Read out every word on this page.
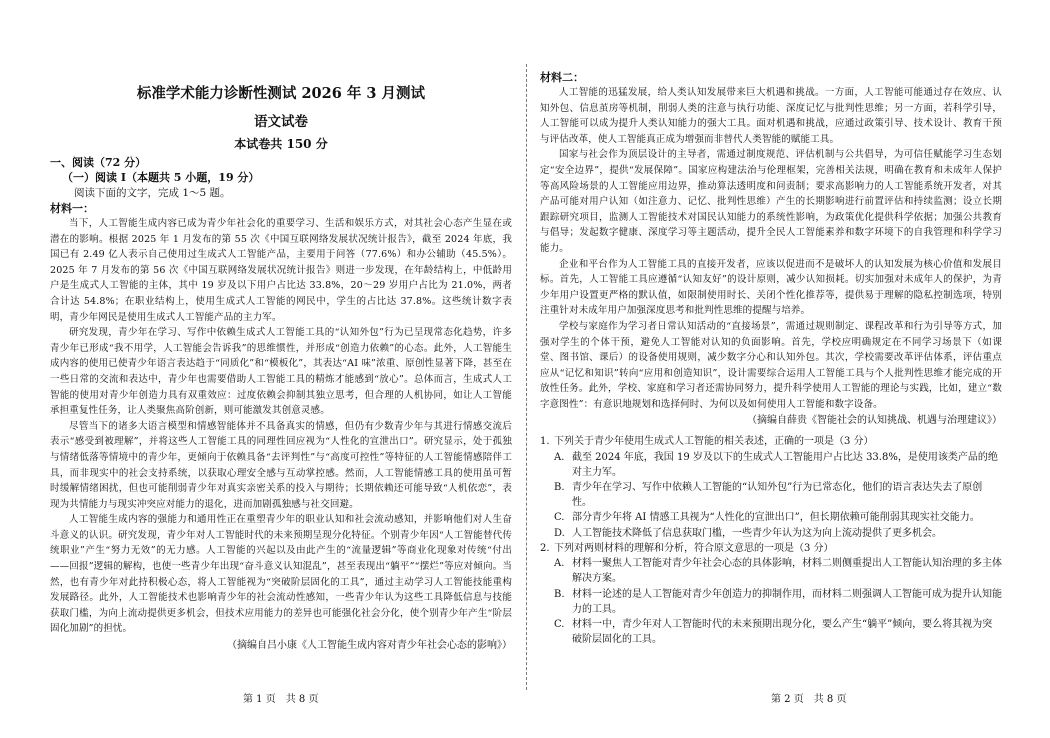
标准学术能力诊断性测试 2026 年 3 月测试
语文试卷
本试卷共 150 分
一、阅读（72 分）
（一）阅读 Ⅰ（本题共 5 小题，19 分）
阅读下面的文字，完成 1～5 题。
材料一：

当下，人工智能生成内容已成为青少年社会化的重要学习、生活和娱乐方式，对其社会心态产生显在或潜在的影响。根据 2025 年 1 月发布的第 55 次《中国互联网络发展状况统计报告》，截至 2024 年底，我国已有 2.49 亿人表示自己使用过生成式人工智能产品，主要用于问答（77.6%）和办公辅助（45.5%）。2025 年 7 月发布的第 56 次《中国互联网络发展状况统计报告》则进一步发现，在年龄结构上，中低龄用户是生成式人工智能的主体，其中 19 岁及以下用户占比达 33.8%，20～29 岁用户占比为 21.0%，两者合计达 54.8%；在职业结构上，使用生成式人工智能的网民中，学生的占比达 37.8%。这些统计数字表明，青少年网民是使用生成式人工智能产品的主力军。

研究发现，青少年在学习、写作中依赖生成式人工智能工具的“认知外包”行为已呈现常态化趋势，许多青少年已形成“我不用学，人工智能会告诉我”的思维惯性，并形成“创造力依赖”的心态。此外，人工智能生成内容的使用已使青少年语言表达趋于“同质化”和“模板化”，其表达“AI 味”浓重、原创性显著下降，甚至在一些日常的交流和表达中，青少年也需要借助人工智能工具的精炼才能感到“放心”。总体而言，生成式人工智能的使用对青少年创造力具有双重效应：过度依赖会抑制其独立思考，但合理的人机协同，如让人工智能承担重复性任务，让人类聚焦高阶创新，则可能激发其创意灵感。

尽管当下的诸多大语言模型和情感智能体并不具备真实的情感，但仍有少数青少年与其进行情感交流后表示“感受到被理解”，并将这些人工智能工具的同理性回应视为“人性化的宣泄出口”。研究显示，处于孤独与情绪低落等情境中的青少年，更倾向于依赖具备“去评判性”与“高度可控性”等特征的人工智能情感陪伴工具，而非现实中的社会支持系统，以获取心理安全感与互动掌控感。然而，人工智能情感工具的使用虽可暂时缓解情绪困扰，但也可能削弱青少年对真实亲密关系的投入与期待；长期依赖还可能导致“人机依恋”，表现为共情能力与现实冲突应对能力的退化，进而加剧孤独感与社交回避。

人工智能生成内容的强能力和通用性正在重塑青少年的职业认知和社会流动感知，并影响他们对人生奋斗意义的认识。研究发现，青少年对人工智能时代的未来预期呈现分化特征。个别青少年因“人工智能替代传统职业”产生“努力无效”的无力感。人工智能的兴起以及由此产生的“流量逻辑”等商业化现象对传统“付出——回报”逻辑的解构，也使一些青少年出现“奋斗意义认知混乱”，甚至表现出“躺平”“摆烂”等应对倾向。当然，也有青少年对此持积极心态，将人工智能视为“突破阶层固化的工具”，通过主动学习人工智能技能重构发展路径。此外，人工智能技术也影响青少年的社会流动性感知，一些青少年认为这些工具降低信息与技能获取门槛，为向上流动提供更多机会，但技术应用能力的差异也可能强化社会分化，使个别青少年产生“阶层固化加剧”的担忧。

（摘编自吕小康《人工智能生成内容对青少年社会心态的影响》）
材料二：

人工智能的迅猛发展，给人类认知发展带来巨大机遇和挑战。一方面，人工智能可能通过存在效应、认知外包、信息茧房等机制，削弱人类的注意与执行功能、深度记忆与批判性思维；另一方面，若科学引导，人工智能可以成为提升人类认知能力的强大工具。面对机遇和挑战，应通过政策引导、技术设计、教育干预与评估改革，使人工智能真正成为增强而非替代人类智能的赋能工具。

国家与社会作为顶层设计的主导者，需通过制度规范、评估机制与公共倡导，为可信任赋能学习生态划定“安全边界”，提供“发展保障”。国家应构建法治与伦理框架，完善相关法规，明确在教育和未成年人保护等高风险场景的人工智能应用边界，推动算法透明度和问责制；要求高影响力的人工智能系统开发者，对其产品可能对用户认知（如注意力、记忆、批判性思维）产生的长期影响进行前置评估和持续监测；设立长期跟踪研究项目，监测人工智能技术对国民认知能力的系统性影响，为政策优化提供科学依据；加强公共教育与倡导；发起数字健康、深度学习等主题活动，提升全民人工智能素养和数字环境下的自我管理和科学学习能力。

企业和平台作为人工智能工具的直接开发者，应该以促进而不是破坏人的认知发展为核心价值和发展目标。首先，人工智能工具应遵循“认知友好”的设计原则，减少认知损耗。切实加强对未成年人的保护，为青少年用户设置更严格的默认值，如限制使用时长、关闭个性化推荐等，提供易于理解的隐私控制选项，特别注重针对未成年用户加强深度思考和批判性思维的提醒与培养。

学校与家庭作为学习者日常认知活动的“直接场景”，需通过规则制定、课程改革和行为引导等方式，加强对学生的个体干预，避免人工智能对认知的负面影响。首先，学校应明确规定在不同学习场景下（如课堂、图书馆、课后）的设备使用规则，减少数字分心和认知外包。其次，学校需要改革评估体系，评估重点应从“记忆和知识”转向“应用和创造知识”，设计需要综合运用人工智能工具与个人批判性思维才能完成的开放性任务。此外，学校、家庭和学习者还需协同努力，提升科学使用人工智能的理论与实践，比如，建立“数字意图性”：有意识地规划和选择何时、为何以及如何使用人工智能和数字设备。

（摘编自薛贵《智能社会的认知挑战、机遇与治理建议》）
1. 下列关于青少年使用生成式人工智能的相关表述，正确的一项是（3 分）
A. 截至 2024 年底，我国 19 岁及以下的生成式人工智能用户占比达 33.8%，是使用该类产品的绝对主力军。
B. 青少年在学习、写作中依赖人工智能的“认知外包”行为已常态化，他们的语言表达失去了原创性。
C. 部分青少年将 AI 情感工具视为“人性化的宣泄出口”，但长期依赖可能削弱其现实社交能力。
D. 人工智能技术降低了信息获取门槛，一些青少年认为这为向上流动提供了更多机会。
2. 下列对两则材料的理解和分析，符合原文意思的一项是（3 分）
A. 材料一聚焦人工智能对青少年社会心态的具体影响，材料二则侧重提出人工智能认知治理的多主体解决方案。
B. 材料一论述的是人工智能对青少年创造力的抑制作用，而材料二则强调人工智能可成为提升认知能力的工具。
C. 材料一中，青少年对人工智能时代的未来预期出现分化，要么产生“躺平”倾向，要么将其视为突破阶层固化的工具。
第 1 页　共 8 页	第 2 页　共 8 页
